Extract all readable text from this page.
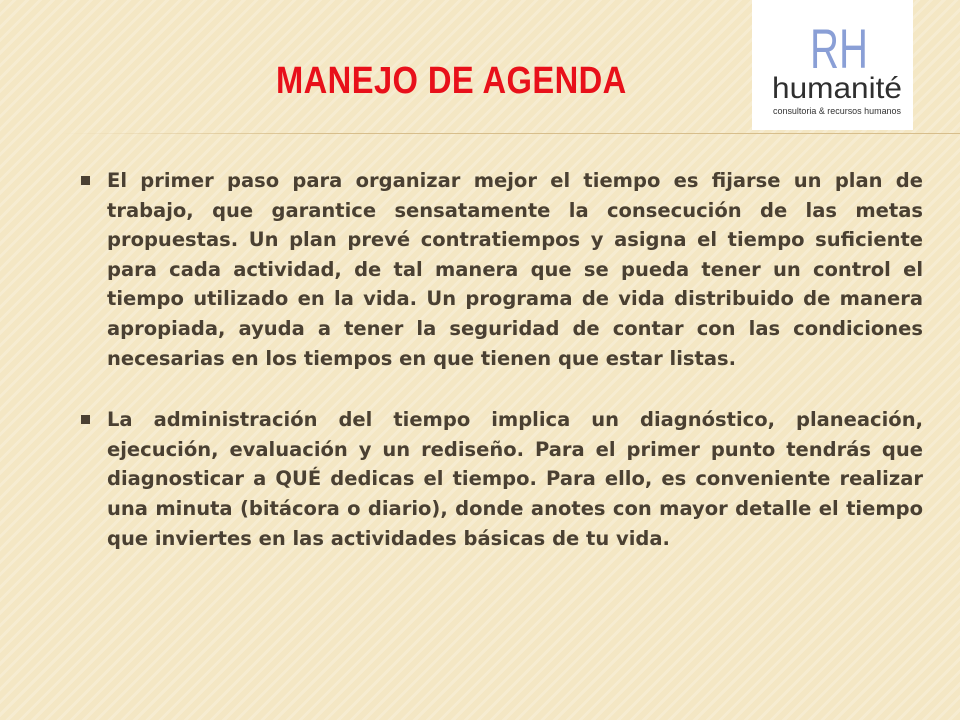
MANEJO DE AGENDA
RH
humanité
consultoria & recursos humanos
El primer paso para organizar mejor el tiempo es fijarse un plan de trabajo, que garantice sensatamente la consecución de las metas propuestas. Un plan prevé contratiempos y asigna el tiempo suficiente para cada actividad, de tal manera que se pueda tener un control el tiempo utilizado en la vida. Un programa de vida distribuido de manera apropiada, ayuda a tener la seguridad de contar con las condiciones necesarias en los tiempos en que tienen que estar listas.
La administración del tiempo implica un diagnóstico, planeación, ejecución, evaluación y un rediseño. Para el primer punto tendrás que diagnosticar a QUÉ dedicas el tiempo. Para ello, es conveniente realizar una minuta (bitácora o diario), donde anotes con mayor detalle el tiempo que inviertes en las actividades básicas de tu vida.
